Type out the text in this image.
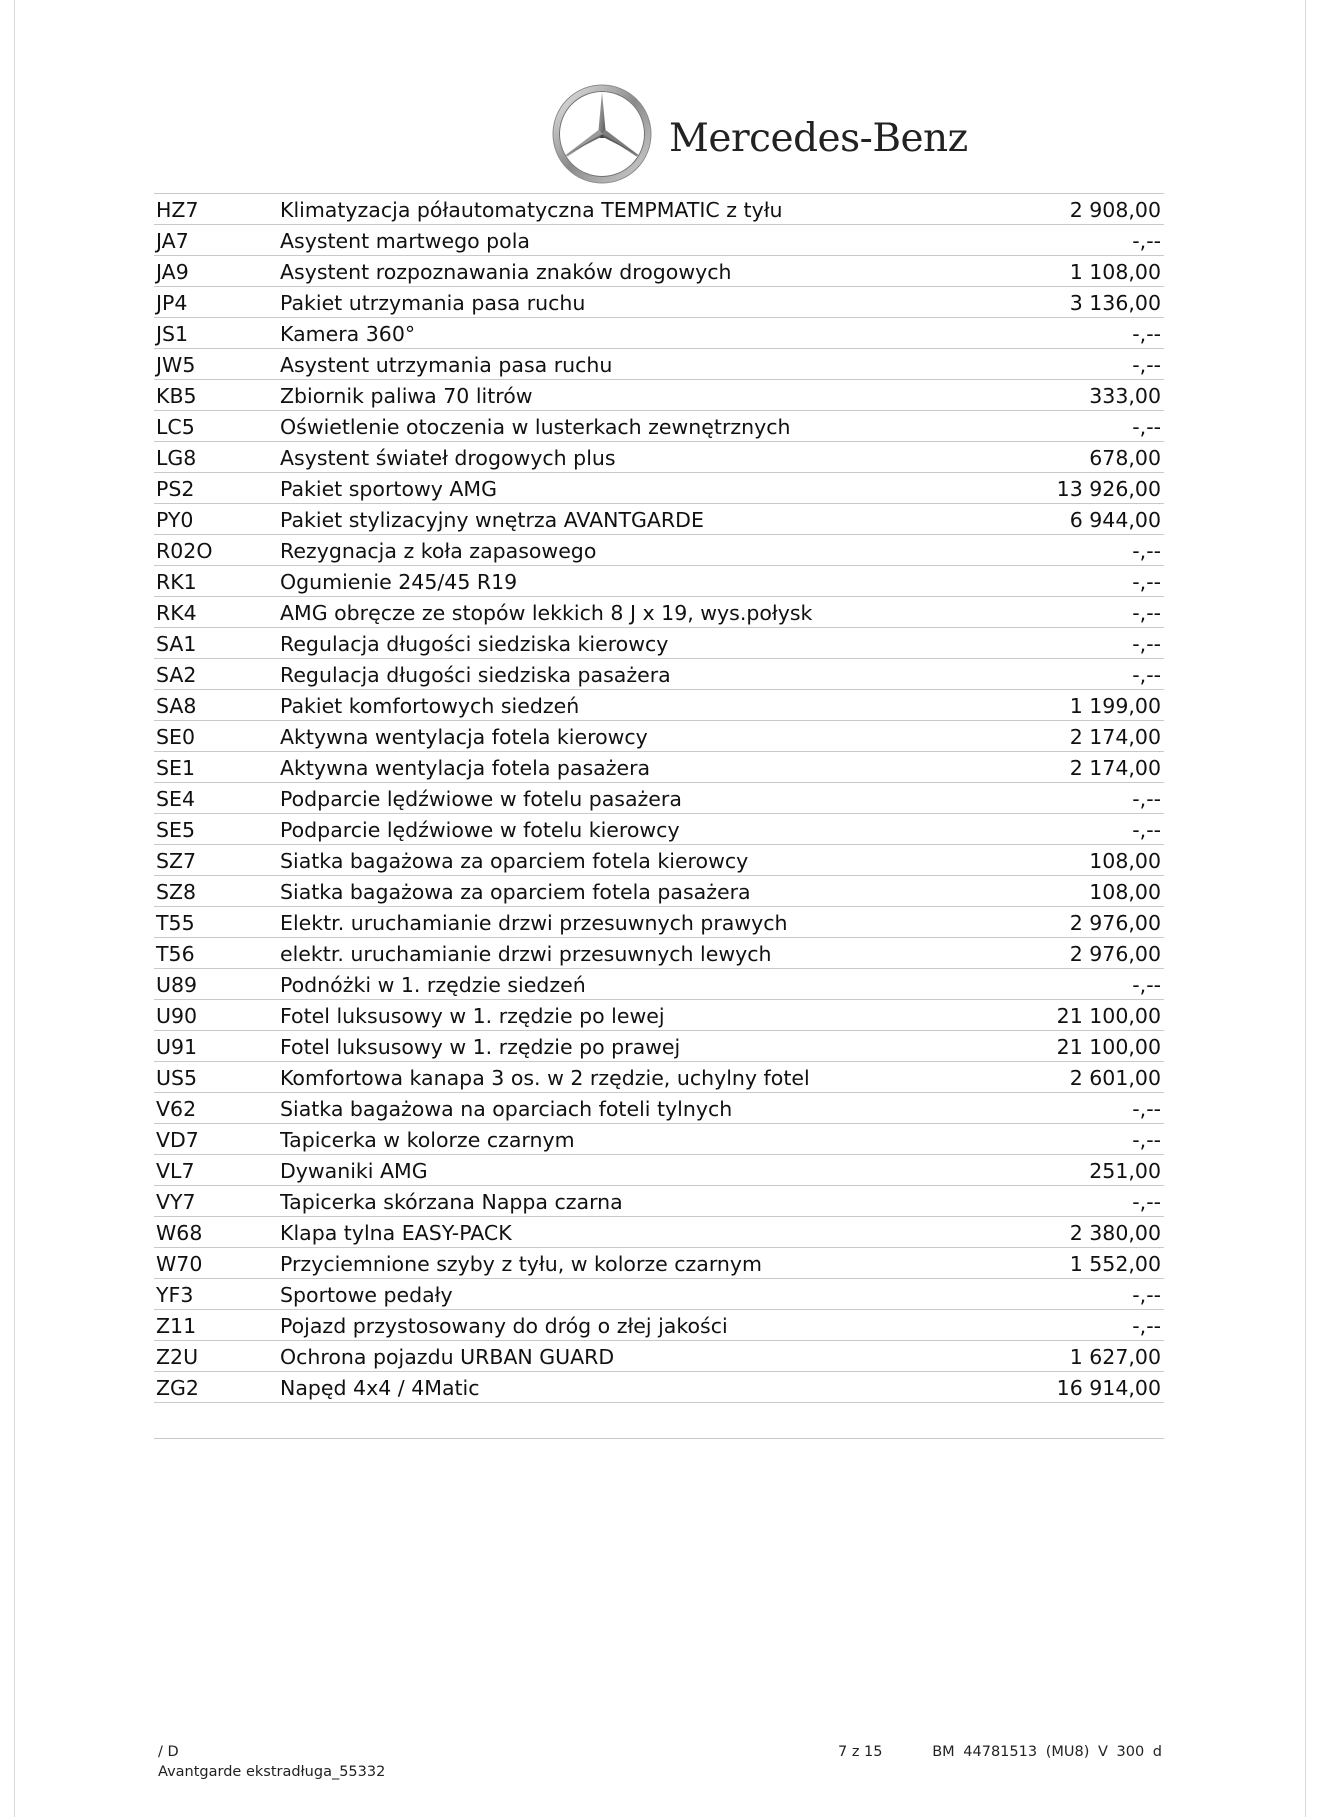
Mercedes-Benz
HZ7	Klimatyzacja półautomatyczna TEMPMATIC z tyłu	2 908,00
JA7	Asystent martwego pola	-,--
JA9	Asystent rozpoznawania znaków drogowych	1 108,00
JP4	Pakiet utrzymania pasa ruchu	3 136,00
JS1	Kamera 360°	-,--
JW5	Asystent utrzymania pasa ruchu	-,--
KB5	Zbiornik paliwa 70 litrów	333,00
LC5	Oświetlenie otoczenia w lusterkach zewnętrznych	-,--
LG8	Asystent świateł drogowych plus	678,00
PS2	Pakiet sportowy AMG	13 926,00
PY0	Pakiet stylizacyjny wnętrza AVANTGARDE	6 944,00
R02O	Rezygnacja z koła zapasowego	-,--
RK1	Ogumienie 245/45 R19	-,--
RK4	AMG obręcze ze stopów lekkich 8 J x 19, wys.połysk	-,--
SA1	Regulacja długości siedziska kierowcy	-,--
SA2	Regulacja długości siedziska pasażera	-,--
SA8	Pakiet komfortowych siedzeń	1 199,00
SE0	Aktywna wentylacja fotela kierowcy	2 174,00
SE1	Aktywna wentylacja fotela pasażera	2 174,00
SE4	Podparcie lędźwiowe w fotelu pasażera	-,--
SE5	Podparcie lędźwiowe w fotelu kierowcy	-,--
SZ7	Siatka bagażowa za oparciem fotela kierowcy	108,00
SZ8	Siatka bagażowa za oparciem fotela pasażera	108,00
T55	Elektr. uruchamianie drzwi przesuwnych prawych	2 976,00
T56	elektr. uruchamianie drzwi przesuwnych lewych	2 976,00
U89	Podnóżki w 1. rzędzie siedzeń	-,--
U90	Fotel luksusowy w 1. rzędzie po lewej	21 100,00
U91	Fotel luksusowy w 1. rzędzie po prawej	21 100,00
US5	Komfortowa kanapa 3 os. w 2 rzędzie, uchylny fotel	2 601,00
V62	Siatka bagażowa na oparciach foteli tylnych	-,--
VD7	Tapicerka w kolorze czarnym	-,--
VL7	Dywaniki AMG	251,00
VY7	Tapicerka skórzana Nappa czarna	-,--
W68	Klapa tylna EASY-PACK	2 380,00
W70	Przyciemnione szyby z tyłu, w kolorze czarnym	1 552,00
YF3	Sportowe pedały	-,--
Z11	Pojazd przystosowany do dróg o złej jakości	-,--
Z2U	Ochrona pojazdu URBAN GUARD	1 627,00
ZG2	Napęd 4x4 / 4Matic	16 914,00
/ D
Avantgarde ekstradługa_55332
7 z 15	BM 44781513 (MU8) V 300 d
